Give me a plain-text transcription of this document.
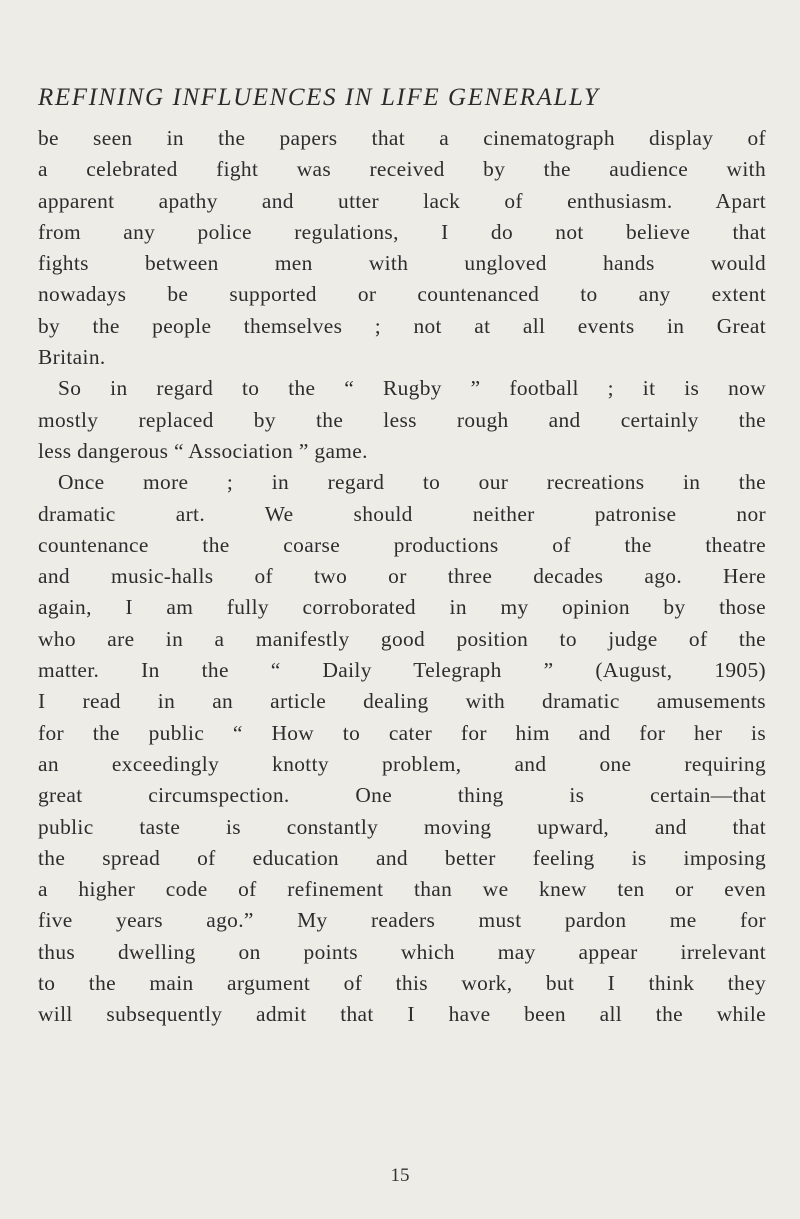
REFINING INFLUENCES IN LIFE GENERALLY
be seen in the papers that a cinematograph display of
a celebrated fight was received by the audience with
apparent apathy and utter lack of enthusiasm. Apart
from any police regulations, I do not believe that
fights between men with ungloved hands would
nowadays be supported or countenanced to any extent
by the people themselves ; not at all events in Great
Britain.
So in regard to the “ Rugby ” football ; it is now
mostly replaced by the less rough and certainly the
less dangerous “ Association ” game.
Once more ; in regard to our recreations in the
dramatic art. We should neither patronise nor
countenance the coarse productions of the theatre
and music-halls of two or three decades ago. Here
again, I am fully corroborated in my opinion by those
who are in a manifestly good position to judge of the
matter. In the “ Daily Telegraph ” (August, 1905)
I read in an article dealing with dramatic amusements
for the public “ How to cater for him and for her is
an exceedingly knotty problem, and one requiring
great circumspection. One thing is certain—that
public taste is constantly moving upward, and that
the spread of education and better feeling is imposing
a higher code of refinement than we knew ten or even
five years ago.” My readers must pardon me for
thus dwelling on points which may appear irrelevant
to the main argument of this work, but I think they
will subsequently admit that I have been all the while
15
